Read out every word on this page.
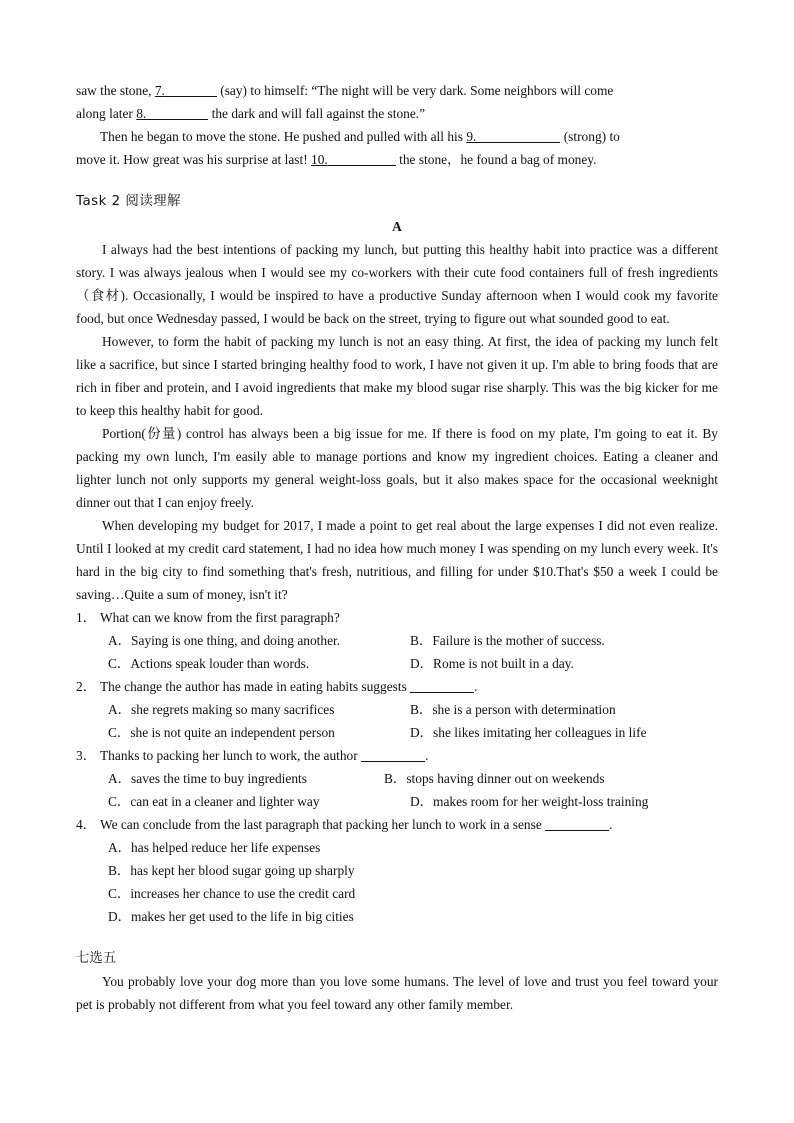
saw the stone, 7.	(say) to himself: “The night will be very dark. Some neighbors will come

along later 8.	the dark and will fall against the stone.”

Then he began to move the stone. He pushed and pulled with all his 9.	(strong) to

move it. How great was his surprise at last! 10.	the stone，he found a bag of money.

Task 2 阅读理解
A

I always had the best intentions of packing my lunch, but putting this healthy habit into practice was a different story. I was always jealous when I would see my co-workers with their cute food containers full of fresh ingredients （食材). Occasionally, I would be inspired to have a productive Sunday afternoon when I would cook my favorite food, but once Wednesday passed, I would be back on the street, trying to figure out what sounded good to eat.

However, to form the habit of packing my lunch is not an easy thing. At first, the idea of packing my lunch felt like a sacrifice, but since I started bringing healthy food to work, I have not given it up. I'm able to bring foods that are rich in fiber and protein, and I avoid ingredients that make my blood sugar rise sharply. This was the big kicker for me to keep this healthy habit for good.

Portion(份量) control has always been a big issue for me. If there is food on my plate, I'm going to eat it. By packing my own lunch, I'm easily able to manage portions and know my ingredient choices. Eating a cleaner and lighter lunch not only supports my general weight-loss goals, but it also makes space for the occasional weeknight dinner out that I can enjoy freely.

When developing my budget for 2017, I made a point to get real about the large expenses I did not even realize. Until I looked at my credit card statement, I had no idea how much money I was spending on my lunch every week. It's hard in the big city to find something that's fresh, nutritious, and filling for under $10.That's $50 a week I could be saving…Quite a sum of money, isn't it?

1． What can we know from the first paragraph?
A．Saying is one thing, and doing another.	B．Failure is the mother of success.
C．Actions speak louder than words.	D．Rome is not built in a day.
2． The change the author has made in eating habits suggests	.
A．she regrets making so many sacrifices	B．she is a person with determination
C．she is not quite an independent person	D．she likes imitating her colleagues in life
3． Thanks to packing her lunch to work, the author	.
A．saves the time to buy ingredients	B．stops having dinner out on weekends
C．can eat in a cleaner and lighter way	D．makes room for her weight-loss training
4． We can conclude from the last paragraph that packing her lunch to work in a sense	.
A．has helped reduce her life expenses
B．has kept her blood sugar going up sharply
C．increases her chance to use the credit card
D．makes her get used to the life in big cities
七选五

You probably love your dog more than you love some humans. The level of love and trust you feel toward your pet is probably not different from what you feel toward any other family member.
